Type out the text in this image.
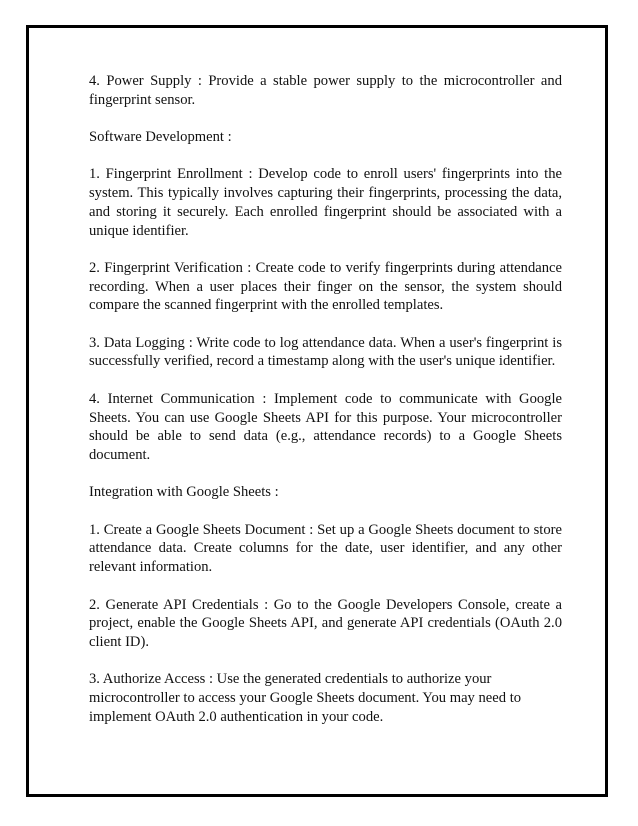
4. Power Supply : Provide a stable power supply to the microcontroller and fingerprint sensor.

Software Development :

1. Fingerprint Enrollment : Develop code to enroll users' fingerprints into the system. This typically involves capturing their fingerprints, processing the data, and storing it securely. Each enrolled fingerprint should be associated with a unique identifier.

2. Fingerprint Verification : Create code to verify fingerprints during attendance recording. When a user places their finger on the sensor, the system should compare the scanned fingerprint with the enrolled templates.

3. Data Logging : Write code to log attendance data. When a user's fingerprint is successfully verified, record a timestamp along with the user's unique identifier.

4. Internet Communication : Implement code to communicate with Google Sheets. You can use Google Sheets API for this purpose. Your microcontroller should be able to send data (e.g., attendance records) to a Google Sheets document.

Integration with Google Sheets :

1. Create a Google Sheets Document : Set up a Google Sheets document to store attendance data. Create columns for the date, user identifier, and any other relevant information.

2. Generate API Credentials : Go to the Google Developers Console, create a project, enable the Google Sheets API, and generate API credentials (OAuth 2.0 client ID).

3. Authorize Access : Use the generated credentials to authorize your microcontroller to access your Google Sheets document. You may need to implement OAuth 2.0 authentication in your code.
